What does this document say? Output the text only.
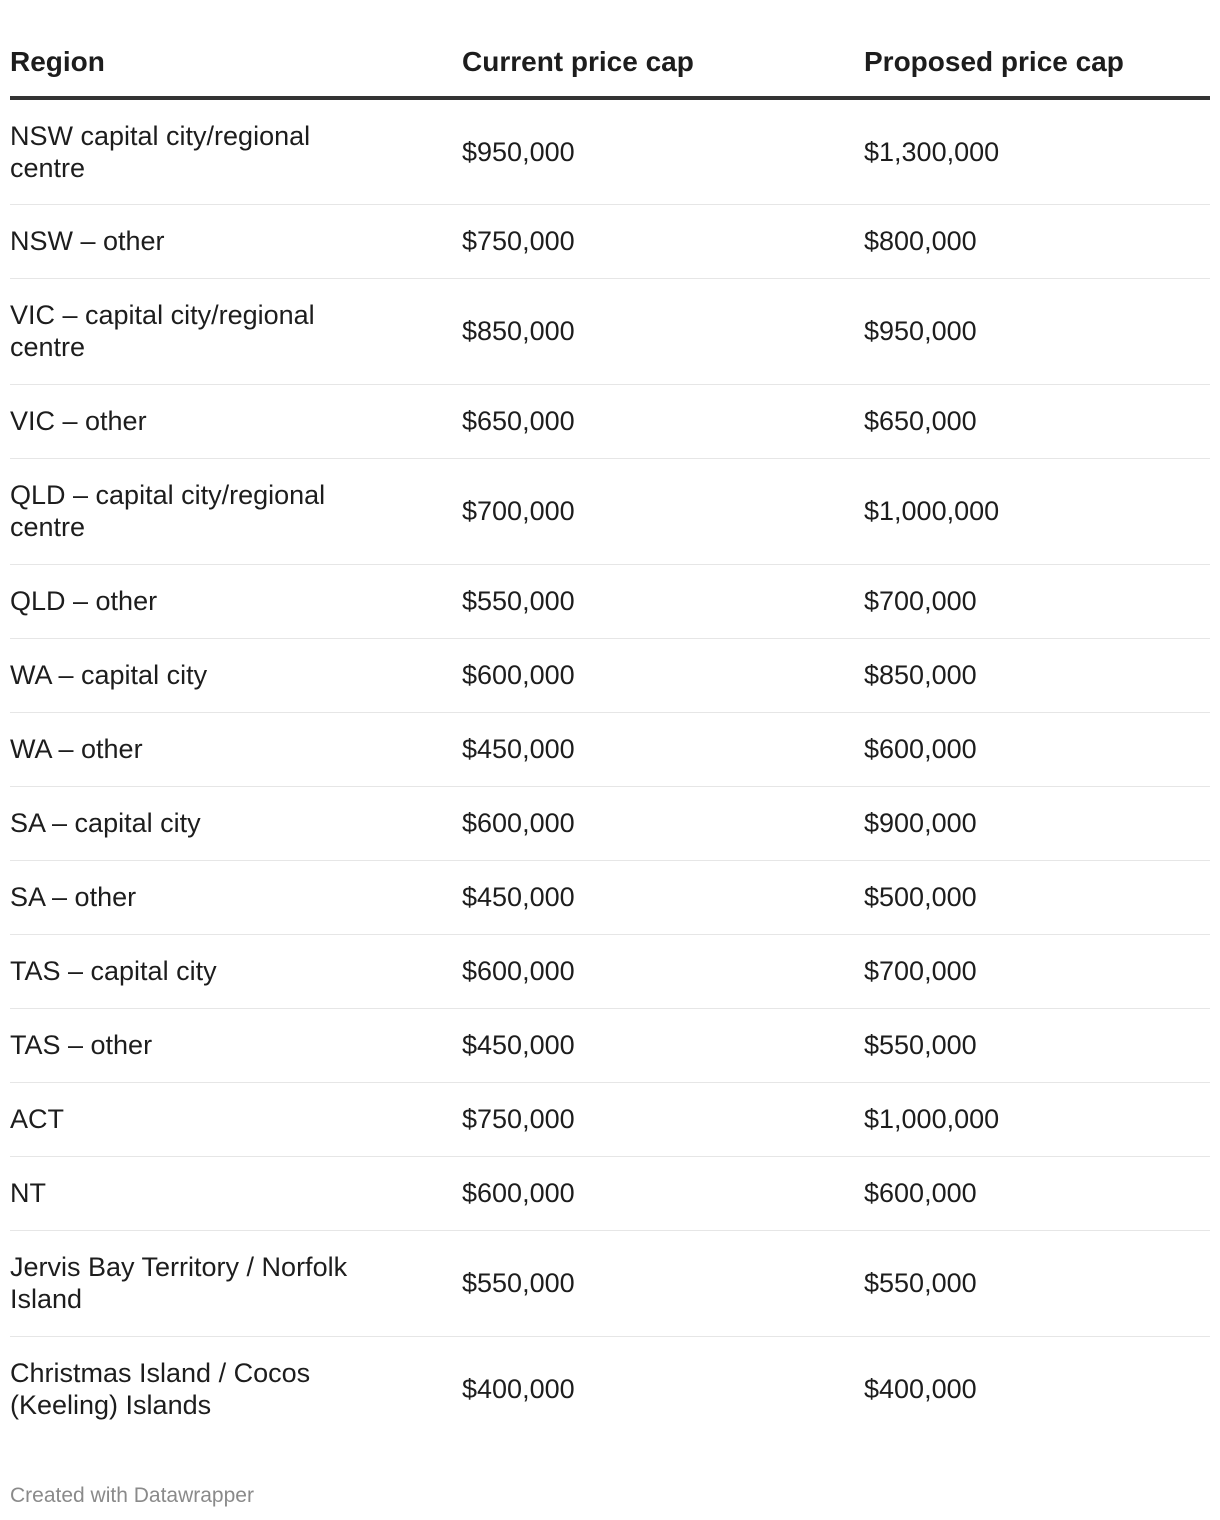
Region	Current price cap	Proposed price cap
NSW capital city/regional centre	$950,000	$1,300,000
NSW – other	$750,000	$800,000
VIC – capital city/regional centre	$850,000	$950,000
VIC – other	$650,000	$650,000
QLD – capital city/regional centre	$700,000	$1,000,000
QLD – other	$550,000	$700,000
WA – capital city	$600,000	$850,000
WA – other	$450,000	$600,000
SA – capital city	$600,000	$900,000
SA – other	$450,000	$500,000
TAS – capital city	$600,000	$700,000
TAS – other	$450,000	$550,000
ACT	$750,000	$1,000,000
NT	$600,000	$600,000
Jervis Bay Territory / Norfolk Island	$550,000	$550,000
Christmas Island / Cocos (Keeling) Islands	$400,000	$400,000
Created with Datawrapper
